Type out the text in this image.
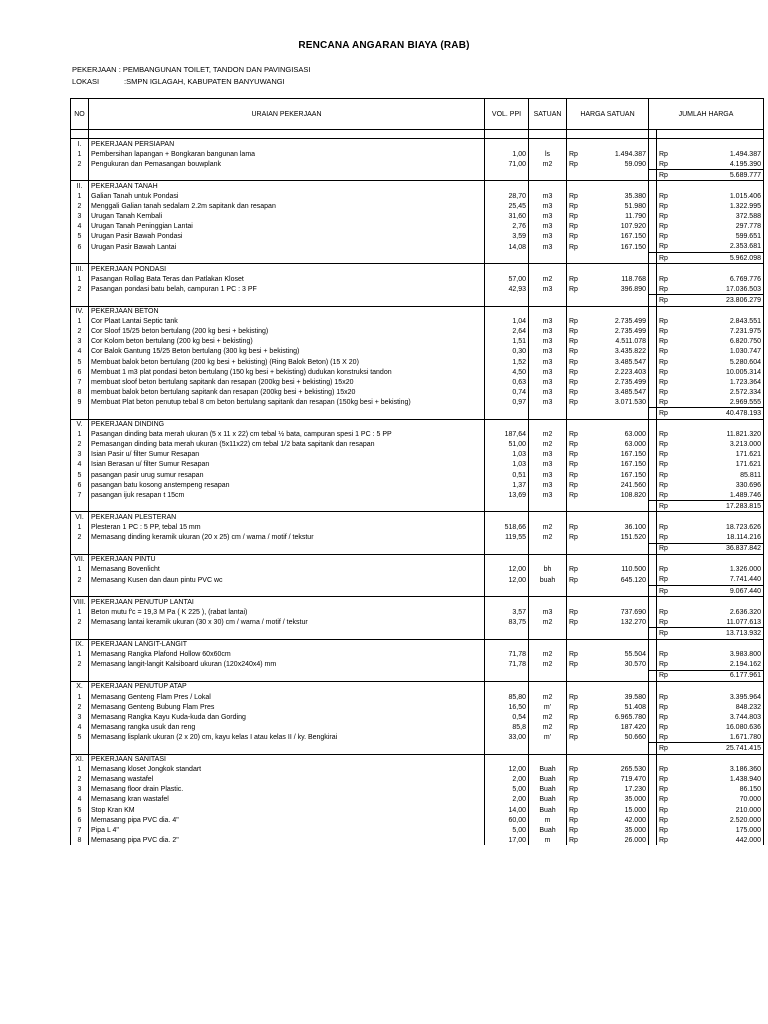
RENCANA ANGARAN BIAYA (RAB)
PEKERJAAN : PEMBANGUNAN TOILET, TANDON DAN PAVINGISASI
LOKASI	:SMPN IGLAGAH, KABUPATEN BANYUWANGI
NO	URAIAN PEKERJAAN	VOL. PPI	SATUAN	HARGA SATUAN	JUMLAH HARGA	

I.	PEKERJAAN PERSIAPAN					
1	Pembersihan lapangan + Bongkaran bangunan lama	1,00	ls	Rp 1.494.387		Rp 1.494.387

2	Pengukuran dan Pemasangan bouwplank	71,00	m2	Rp 59.090		Rp 4.195.390

						Rp 5.689.777

II.	PEKERJAAN TANAH					
1	Galian Tanah untuk Pondasi	28,70	m3	Rp 35.380		Rp 1.015.406

2	Menggali Galian tanah sedalam 2.2m sapitank dan resapan	25,45	m3	Rp 51.980		Rp 1.322.995

3	Urugan Tanah Kembali	31,60	m3	Rp 11.790		Rp 372.588

4	Urugan Tanah Peninggian Lantai	2,76	m3	Rp 107.920		Rp 297.778

5	Urugan Pasir Bawah Pondasi	3,59	m3	Rp 167.150		Rp 599.651

6	Urugan Pasir Bawah Lantai	14,08	m3	Rp 167.150		Rp 2.353.681

						Rp 5.962.098

III.	PEKERJAAN PONDASI					
1	Pasangan Rollag Bata Teras dan Patlakan Kloset	57,00	m2	Rp 118.768		Rp 6.769.776

2	Pasangan pondasi batu belah, campuran 1 PC : 3 PF	42,93	m3	Rp 396.890		Rp 17.036.503

						Rp 23.806.279

IV.	PEKERJAAN BETON					
1	Cor Plaat Lantai Septic tank	1,04	m3	Rp 2.735.499		Rp 2.843.551

2	Cor Sloof 15/25 beton bertulang (200 kg besi + bekisting)	2,64	m3	Rp 2.735.499		Rp 7.231.975

3	Cor Kolom beton bertulang (200 kg besi + bekisting)	1,51	m3	Rp 4.511.078		Rp 6.820.750

4	Cor Balok Gantung 15/25 Beton bertulang (300 kg besi + bekisting)	0,30	m3	Rp 3.435.822		Rp 1.030.747

5	Membuat balok beton bertulang (200 kg besi + bekisting) (Ring Balok Beton) (15 X 20)	1,52	m3	Rp 3.485.547		Rp 5.280.604

6	Membuat 1 m3 plat pondasi beton bertulang (150 kg besi + bekisting) dudukan konstruksi tandon	4,50	m3	Rp 2.223.403		Rp 10.005.314

7	membuat sloof beton bertulang sapitank dan resapan (200kg besi + bekisting) 15x20	0,63	m3	Rp 2.735.499		Rp 1.723.364

8	membuat balok beton bertulang sapitank dan resapan (200kg besi + bekisting) 15x20	0,74	m3	Rp 3.485.547		Rp 2.572.334

9	Membuat Plat beton penutup tebal 8 cm beton bertulang sapitank dan resapan (150kg besi + bekisting)	0,97	m3	Rp 3.071.530		Rp 2.969.555

						Rp 40.478.193

V.	PEKERJAAN DINDING					
1	Pasangan dinding bata merah ukuran (5 x 11 x 22) cm tebal ½ bata, campuran spesi 1 PC : 5 PP	187,64	m2	Rp 63.000		Rp 11.821.320

2	Pemasangan dinding bata merah ukuran (5x11x22) cm tebal 1/2 bata sapitank dan resapan	51,00	m2	Rp 63.000		Rp 3.213.000

3	Isian Pasir u/ filter Sumur Resapan	1,03	m3	Rp 167.150		Rp 171.621

4	Isian Berasan u/ filter Sumur Resapan	1,03	m3	Rp 167.150		Rp 171.621

5	pasangan pasir urug sumur resapan	0,51	m3	Rp 167.150		Rp 85.811

6	pasangan batu kosong anstempeng resapan	1,37	m3	Rp 241.560		Rp 330.696

7	pasangan ijuk resapan t 15cm	13,69	m3	Rp 108.820		Rp 1.489.746

						Rp 17.283.815

VI.	PEKERJAAN PLESTERAN					
1	Plesteran 1 PC : 5 PP, tebal 15 mm	518,66	m2	Rp 36.100		Rp 18.723.626

2	Memasang dinding keramik ukuran (20 x 25) cm / warna / motif / tekstur	119,55	m2	Rp 151.520		Rp 18.114.216

						Rp 36.837.842

VII.	PEKERJAAN PINTU					
1	Memasang Bovenlicht	12,00	bh	Rp 110.500		Rp 1.326.000

2	Memasang Kusen dan daun pintu PVC wc	12,00	buah	Rp 645.120		Rp 7.741.440

						Rp 9.067.440

VIII.	PEKERJAAN PENUTUP LANTAI					
1	Beton mutu f'c = 19,3 M Pa ( K 225 ), (rabat lantai)	3,57	m3	Rp 737.690		Rp 2.636.320

2	Memasang lantai keramik ukuran (30 x 30) cm / warna / motif / tekstur	83,75	m2	Rp 132.270		Rp 11.077.613

						Rp 13.713.932

IX.	PEKERJAAN LANGIT-LANGIT					
1	Memasang Rangka Plafond Hollow 60x60cm	71,78	m2	Rp 55.504		Rp 3.983.800

2	Memasang langit-langit Kalsiboard ukuran (120x240x4) mm	71,78	m2	Rp 30.570		Rp 2.194.162

						Rp 6.177.961

X.	PEKERJAAN PENUTUP ATAP					
1	Memasang Genteng Flam Pres / Lokal	85,80	m2	Rp 39.580		Rp 3.395.964

2	Memasang Genteng Bubung Flam Pres	16,50	m'	Rp 51.408		Rp 848.232

3	Memasang Rangka Kayu Kuda-kuda dan Gording	0,54	m2	Rp 6.965.780		Rp 3.744.803

4	Memasang rangka usuk dan reng	85,8	m2	Rp 187.420		Rp 16.080.636

5	Memasang lisplank ukuran (2 x 20) cm, kayu kelas I atau kelas II / ky. Bengkirai	33,00	m'	Rp 50.660		Rp 1.671.780

						Rp 25.741.415

XI.	PEKERJAAN SANITASI					
1	Memasang kloset Jongkok standart	12,00	Buah	Rp 265.530		Rp 3.186.360

2	Memasang wastafel	2,00	Buah	Rp 719.470		Rp 1.438.940

3	Memasang floor drain Plastic.	5,00	Buah	Rp 17.230		Rp 86.150

4	Memasang kran wastafel	2,00	Buah	Rp 35.000		Rp 70.000

5	Stop Kran KM	14,00	Buah	Rp 15.000		Rp 210.000

6	Memasang pipa PVC dia. 4"	60,00	m	Rp 42.000		Rp 2.520.000

7	Pipa L 4"	5,00	Buah	Rp 35.000		Rp 175.000

8	Memasang pipa PVC dia. 2"	17,00	m	Rp 26.000		Rp 442.000
